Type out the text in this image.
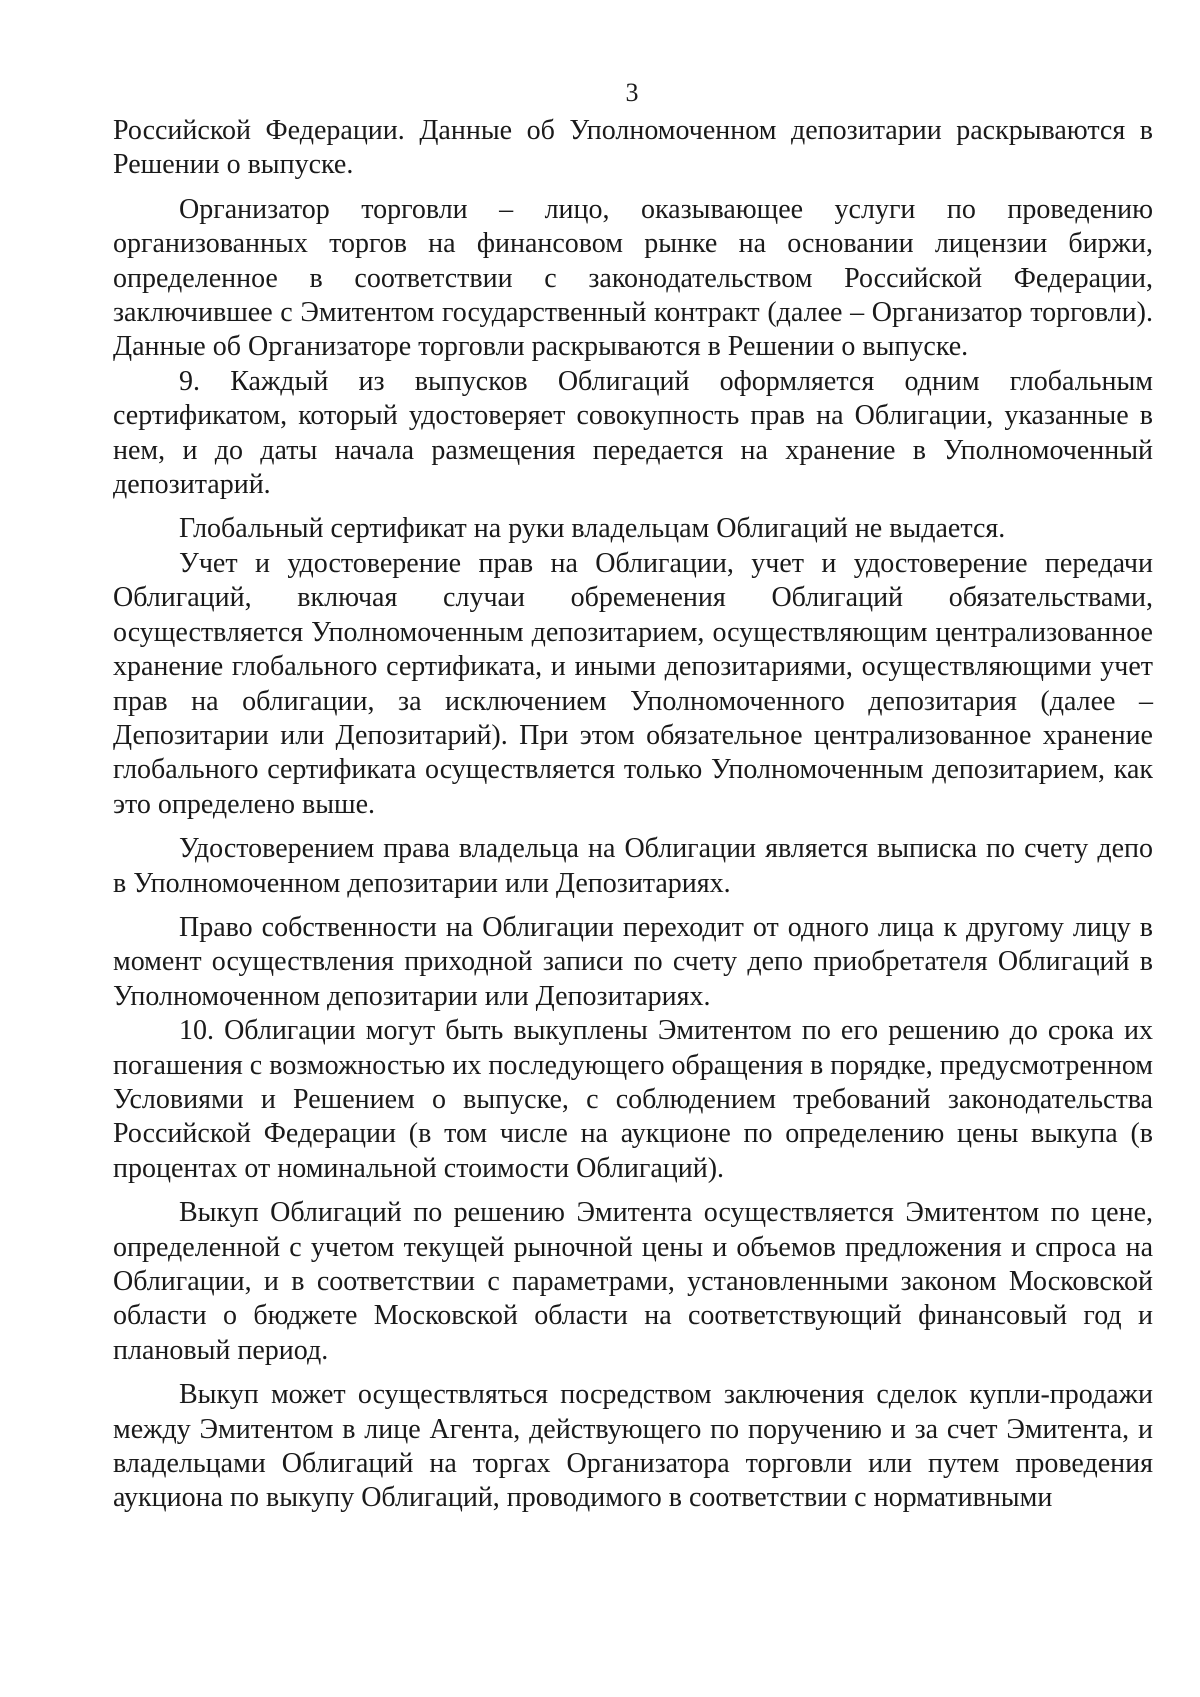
3

Российской Федерации. Данные об Уполномоченном депозитарии раскрываются в Решении о выпуске.

Организатор торговли – лицо, оказывающее услуги по проведению организованных торгов на финансовом рынке на основании лицензии биржи, определенное в соответствии с законодательством Российской Федерации, заключившее с Эмитентом государственный контракт (далее – Организатор торговли). Данные об Организаторе торговли раскрываются в Решении о выпуске.

9. Каждый из выпусков Облигаций оформляется одним глобальным сертификатом, который удостоверяет совокупность прав на Облигации, указанные в нем, и до даты начала размещения передается на хранение в Уполномоченный депозитарий.

Глобальный сертификат на руки владельцам Облигаций не выдается.

Учет и удостоверение прав на Облигации, учет и удостоверение передачи Облигаций, включая случаи обременения Облигаций обязательствами, осуществляется Уполномоченным депозитарием, осуществляющим централизованное хранение глобального сертификата, и иными депозитариями, осуществляющими учет прав на облигации, за исключением Уполномоченного депозитария (далее – Депозитарии или Депозитарий). При этом обязательное централизованное хранение глобального сертификата осуществляется только Уполномоченным депозитарием, как это определено выше.

Удостоверением права владельца на Облигации является выписка по счету депо в Уполномоченном депозитарии или Депозитариях.

Право собственности на Облигации переходит от одного лица к другому лицу в момент осуществления приходной записи по счету депо приобретателя Облигаций в Уполномоченном депозитарии или Депозитариях.

10. Облигации могут быть выкуплены Эмитентом по его решению до срока их погашения с возможностью их последующего обращения в порядке, предусмотренном Условиями и Решением о выпуске, с соблюдением требований законодательства Российской Федерации (в том числе на аукционе по определению цены выкупа (в процентах от номинальной стоимости Облигаций).

Выкуп Облигаций по решению Эмитента осуществляется Эмитентом по цене, определенной с учетом текущей рыночной цены и объемов предложения и спроса на Облигации, и в соответствии с параметрами, установленными законом Московской области о бюджете Московской области на соответствующий финансовый год и плановый период.

Выкуп может осуществляться посредством заключения сделок купли-продажи между Эмитентом в лице Агента, действующего по поручению и за счет Эмитента, и владельцами Облигаций на торгах Организатора торговли или путем проведения аукциона по выкупу Облигаций, проводимого в соответствии с нормативными
